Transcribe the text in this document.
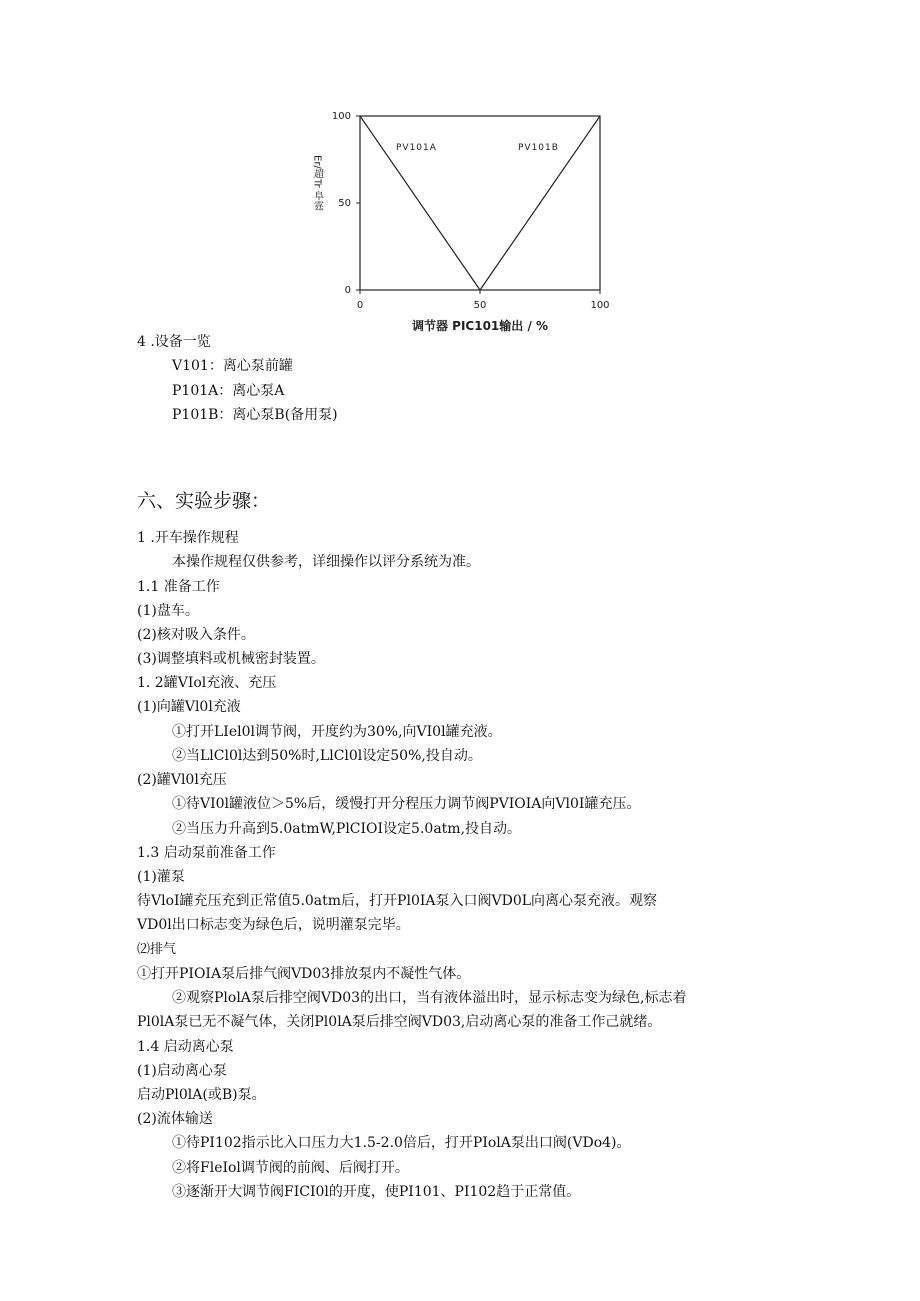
0	50	100
0
50
100
PV101A	PV101B
调节器 PIC101输出 / %
Er/超Tr 阜霆
4 .设备一览
V101：离心泵前罐
P101A：离心泵A
P101B：离心泵B(备用泵)
六、实验步骤：
1 .开车操作规程
本操作规程仅供参考，详细操作以评分系统为准。
1.1 准备工作
(1)盘车。
(2)核对吸入条件。
(3)调整填料或机械密封装置。
1. 2罐VIol充液、充压
(1)向罐Vl0l充液
①打开LIel0l调节阀，开度约为30%,向VI0l罐充液。
②当LlCl0l达到50%时,LlCl0l设定50%,投自动。
(2)罐Vl0l充压
①待VI0l罐液位＞5%后，缓慢打开分程压力调节阀PVIOIA向Vl0I罐充压。
②当压力升高到5.0atmW,PlCIOI设定5.0atm,投自动。
1.3 启动泵前准备工作
(1)灌泵
待VloI罐充压充到正常值5.0atm后，打开Pl0IA泵入口阀VD0L向离心泵充液。观察
VD0l出口标志变为绿色后，说明灌泵完毕。
⑵排气
①打开PIOIA泵后排气阀VD03排放泵内不凝性气体。
②观察PlolA泵后排空阀VD03的出口，当有液体溢出时，显示标志变为绿色,标志着
Pl0lA泵已无不凝气体，关闭Pl0lA泵后排空阀VD03,启动离心泵的准备工作己就绪。
1.4 启动离心泵
(1)启动离心泵
启动Pl0lA(或B)泵。
(2)流体输送
①待PI102指示比入口压力大1.5-2.0倍后，打开PIolA泵出口阀(VDo4)。
②将FleIol调节阀的前阀、后阀打开。
③逐渐开大调节阀FICI0l的开度，使PI101、PI102趋于正常值。
